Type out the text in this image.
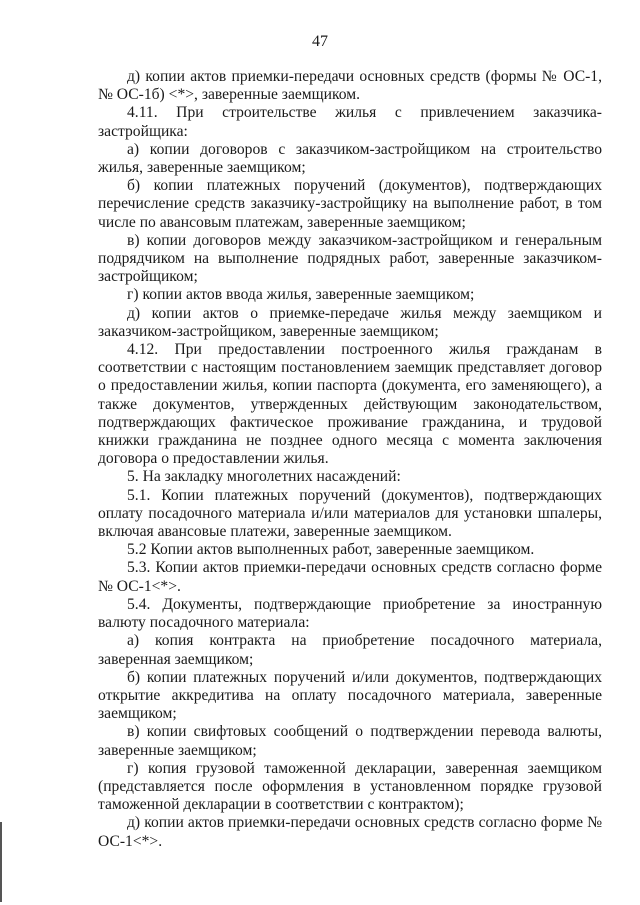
47

д) копии актов приемки-передачи основных средств (формы № ОС-1, № ОС-1б) <*>, заверенные заемщиком.

4.11. При строительстве жилья с привлечением заказчика-застройщика:

а) копии договоров с заказчиком-застройщиком на строительство жилья, заверенные заемщиком;

б) копии платежных поручений (документов), подтверждающих перечисление средств заказчику-застройщику на выполнение работ, в том числе по авансовым платежам, заверенные заемщиком;

в) копии договоров между заказчиком-застройщиком и генеральным подрядчиком на выполнение подрядных работ, заверенные заказчиком-застройщиком;

г) копии актов ввода жилья, заверенные заемщиком;

д) копии актов о приемке-передаче жилья между заемщиком и заказчиком-застройщиком, заверенные заемщиком;

4.12. При предоставлении построенного жилья гражданам в соответствии с настоящим постановлением заемщик представляет договор о предоставлении жилья, копии паспорта (документа, его заменяющего), а также документов, утвержденных действующим законодательством, подтверждающих фактическое проживание гражданина, и трудовой книжки гражданина не позднее одного месяца с момента заключения договора о предоставлении жилья.

5. На закладку многолетних насаждений:

5.1. Копии платежных поручений (документов), подтверждающих оплату посадочного материала и/или материалов для установки шпалеры, включая авансовые платежи, заверенные заемщиком.

5.2 Копии актов выполненных работ, заверенные заемщиком.

5.3. Копии актов приемки-передачи основных средств согласно форме № ОС-1<*>.

5.4. Документы, подтверждающие приобретение за иностранную валюту посадочного материала:

а) копия контракта на приобретение посадочного материала, заверенная заемщиком;

б) копии платежных поручений и/или документов, подтверждающих открытие аккредитива на оплату посадочного материала, заверенные заемщиком;

в) копии свифтовых сообщений о подтверждении перевода валюты, заверенные заемщиком;

г) копия грузовой таможенной декларации, заверенная заемщиком (представляется после оформления в установленном порядке грузовой таможенной декларации в соответствии с контрактом);

д) копии актов приемки-передачи основных средств согласно форме № ОС-1<*>.
